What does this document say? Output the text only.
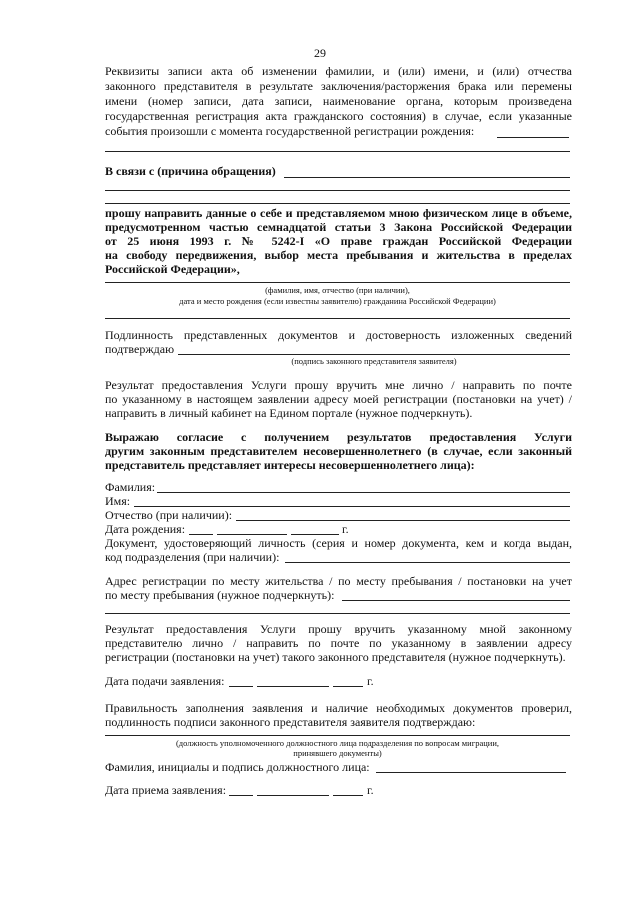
29
Реквизиты записи акта об изменении фамилии, и (или) имени, и (или) отчества
законного представителя в результате заключения/расторжения брака или перемены
имени (номер записи, дата записи, наименование органа, которым произведена
государственная регистрация акта гражданского состояния) в случае, если указанные
события произошли с момента государственной регистрации рождения:
В связи с (причина обращения)
прошу направить данные о себе и представляемом мною физическом лице в объеме,
предусмотренном частью семнадцатой статьи 3 Закона Российской Федерации
от 25 июня 1993 г. № 5242-I «О праве граждан Российской Федерации
на свободу передвижения, выбор места пребывания и жительства в пределах
Российской Федерации»,
(фамилия, имя, отчество (при наличии),
дата и место рождения (если известны заявителю) гражданина Российской Федерации)
Подлинность представленных документов и достоверность изложенных сведений
подтверждаю
(подпись законного представителя заявителя)
Результат предоставления Услуги прошу вручить мне лично / направить по почте
по указанному в настоящем заявлении адресу моей регистрации (постановки на учет) /
направить в личный кабинет на Едином портале (нужное подчеркнуть).
Выражаю согласие с получением результатов предоставления Услуги
другим законным представителем несовершеннолетнего (в случае, если законный
представитель представляет интересы несовершеннолетнего лица):
Фамилия:
Имя:
Отчество (при наличии):
Дата рождения:	г.
Документ, удостоверяющий личность (серия и номер документа, кем и когда выдан,
код подразделения (при наличии):
Адрес регистрации по месту жительства / по месту пребывания / постановки на учет
по месту пребывания (нужное подчеркнуть):
Результат предоставления Услуги прошу вручить указанному мной законному
представителю лично / направить по почте по указанному в заявлении адресу
регистрации (постановки на учет) такого законного представителя (нужное подчеркнуть).
Дата подачи заявления:	г.
Правильность заполнения заявления и наличие необходимых документов проверил,
подлинность подписи законного представителя заявителя подтверждаю:
(должность уполномоченного должностного лица подразделения по вопросам миграции,
принявшего документы)
Фамилия, инициалы и подпись должностного лица:
Дата приема заявления:	г.
